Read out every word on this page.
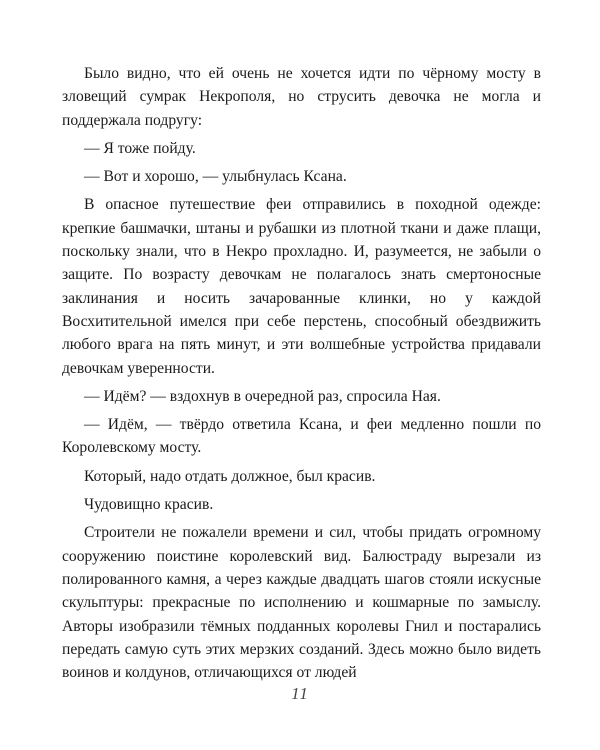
Было видно, что ей очень не хочется идти по чёрному мосту в зловещий сумрак Некрополя, но струсить девочка не могла и поддержала подругу:

— Я тоже пойду.

— Вот и хорошо, — улыбнулась Ксана.

В опасное путешествие феи отправились в походной одежде: крепкие башмачки, штаны и рубашки из плотной ткани и даже плащи, поскольку знали, что в Некро прохладно. И, разумеется, не забыли о защите. По возрасту девочкам не полагалось знать смертоносные заклинания и носить зачарованные клинки, но у каждой Восхитительной имелся при себе перстень, способный обездвижить любого врага на пять минут, и эти волшебные устройства придавали девочкам уверенности.

— Идём? — вздохнув в очередной раз, спросила Ная.

— Идём, — твёрдо ответила Ксана, и феи медленно пошли по Королевскому мосту.

Который, надо отдать должное, был красив.

Чудовищно красив.

Строители не пожалели времени и сил, чтобы придать огромному сооружению поистине королевский вид. Балюстраду вырезали из полированного камня, а через каждые двадцать шагов стояли искусные скульптуры: прекрасные по исполнению и кошмарные по замыслу. Авторы изобразили тёмных подданных королевы Гнил и постарались передать самую суть этих мерзких созданий. Здесь можно было видеть воинов и колдунов, отличающихся от людей

11
